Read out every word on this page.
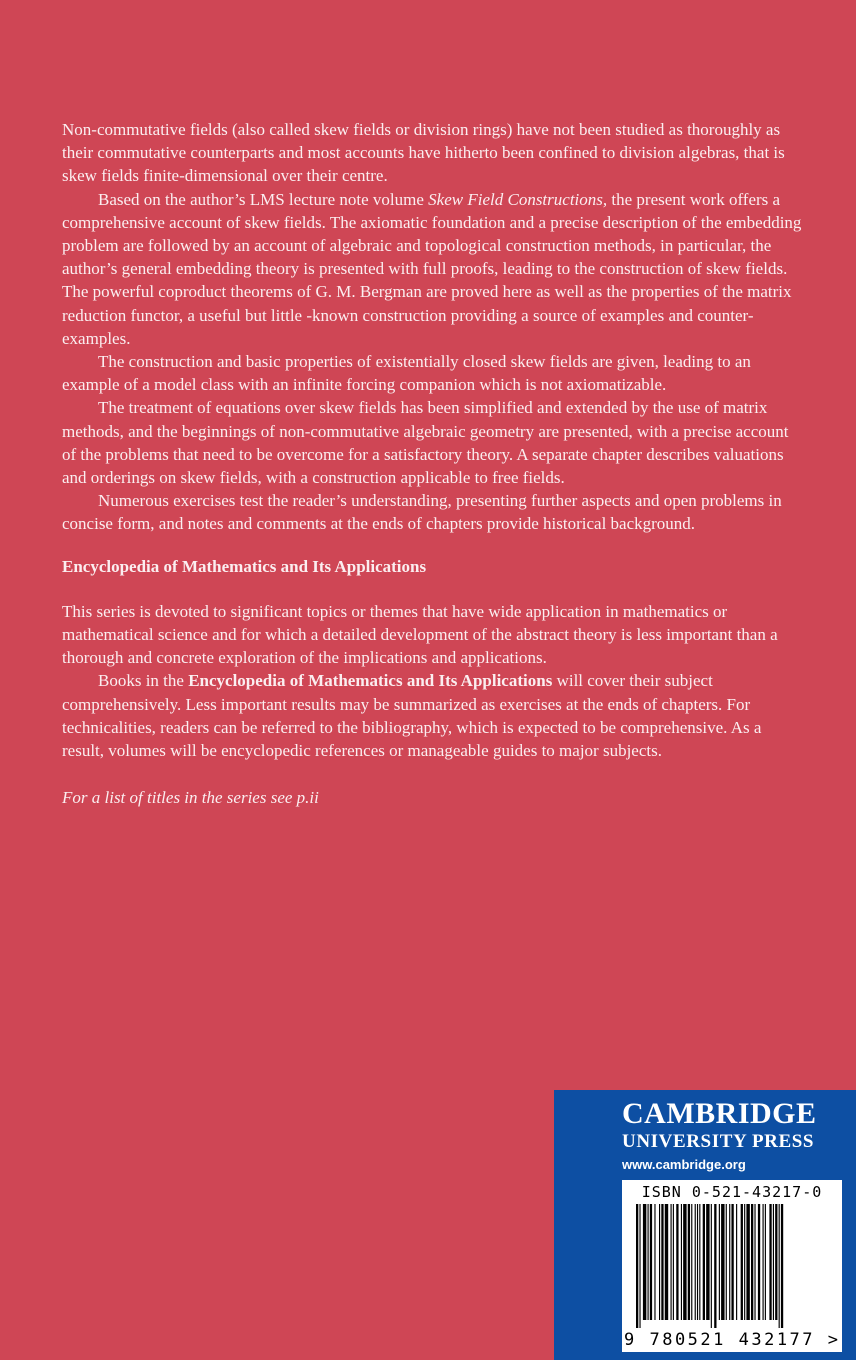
Non-commutative fields (also called skew fields or division rings) have not been studied as thoroughly as their commutative counterparts and most accounts have hitherto been confined to division algebras, that is skew fields finite-dimensional over their centre.

Based on the author’s LMS lecture note volume Skew Field Constructions, the present work offers a comprehensive account of skew fields. The axiomatic foundation and a precise description of the embedding problem are followed by an account of algebraic and topological construction methods, in particular, the author’s general embedding theory is presented with full proofs, leading to the construction of skew fields. The powerful coproduct theorems of G. M. Bergman are proved here as well as the properties of the matrix reduction functor, a useful but little -known construction providing a source of examples and counter-examples.

The construction and basic properties of existentially closed skew fields are given, leading to an example of a model class with an infinite forcing companion which is not axiomatizable.

The treatment of equations over skew fields has been simplified and extended by the use of matrix methods, and the beginnings of non-commutative algebraic geometry are presented, with a precise account of the problems that need to be overcome for a satisfactory theory. A separate chapter describes valuations and orderings on skew fields, with a construction applicable to free fields.

Numerous exercises test the reader’s understanding, presenting further aspects and open problems in concise form, and notes and comments at the ends of chapters provide historical background.

Encyclopedia of Mathematics and Its Applications

This series is devoted to significant topics or themes that have wide application in mathematics or mathematical science and for which a detailed development of the abstract theory is less important than a thorough and concrete exploration of the implications and applications.

Books in the Encyclopedia of Mathematics and Its Applications will cover their subject comprehensively. Less important results may be summarized as exercises at the ends of chapters. For technicalities, readers can be referred to the bibliography, which is expected to be comprehensive. As a result, volumes will be encyclopedic references or manageable guides to major subjects.

For a list of titles in the series see p.ii

CAMBRIDGE
UNIVERSITY PRESS
www.cambridge.org
ISBN 0-521-43217-0
9 780521 432177 >
